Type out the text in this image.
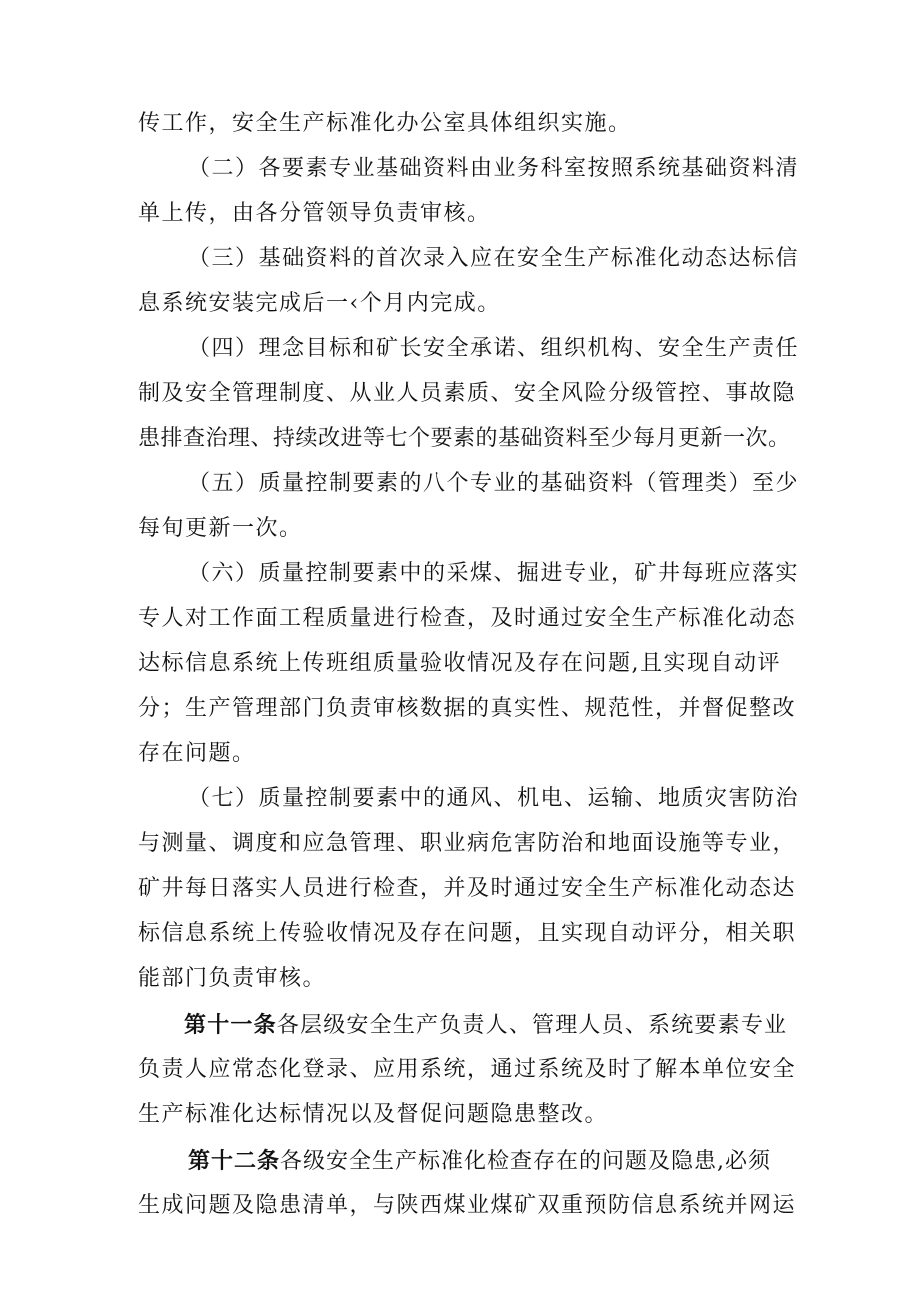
传工作，安全生产标准化办公室具体组织实施。
（二）各要素专业基础资料由业务科室按照系统基础资料清
单上传，由各分管领导负责审核。
（三）基础资料的首次录入应在安全生产标准化动态达标信
息系统安装完成后一‹个月内完成。
（四）理念目标和矿长安全承诺、组织机构、安全生产责任
制及安全管理制度、从业人员素质、安全风险分级管控、事故隐
患排查治理、持续改进等七个要素的基础资料至少每月更新一次。
（五）质量控制要素的八个专业的基础资料（管理类）至少
每旬更新一次。
（六）质量控制要素中的采煤、掘进专业，矿井每班应落实
专人对工作面工程质量进行检查，及时通过安全生产标准化动态
达标信息系统上传班组质量验收情况及存在问题,且实现自动评
分；生产管理部门负责审核数据的真实性、规范性，并督促整改
存在问题。
（七）质量控制要素中的通风、机电、运输、地质灾害防治
与测量、调度和应急管理、职业病危害防治和地面设施等专业，
矿井每日落实人员进行检查，并及时通过安全生产标准化动态达
标信息系统上传验收情况及存在问题，且实现自动评分，相关职
能部门负责审核。
第十一条各层级安全生产负责人、管理人员、系统要素专业
负责人应常态化登录、应用系统，通过系统及时了解本单位安全
生产标准化达标情况以及督促问题隐患整改。
第十二条各级安全生产标准化检查存在的问题及隐患,必须
生成问题及隐患清单，与陕西煤业煤矿双重预防信息系统并网运
